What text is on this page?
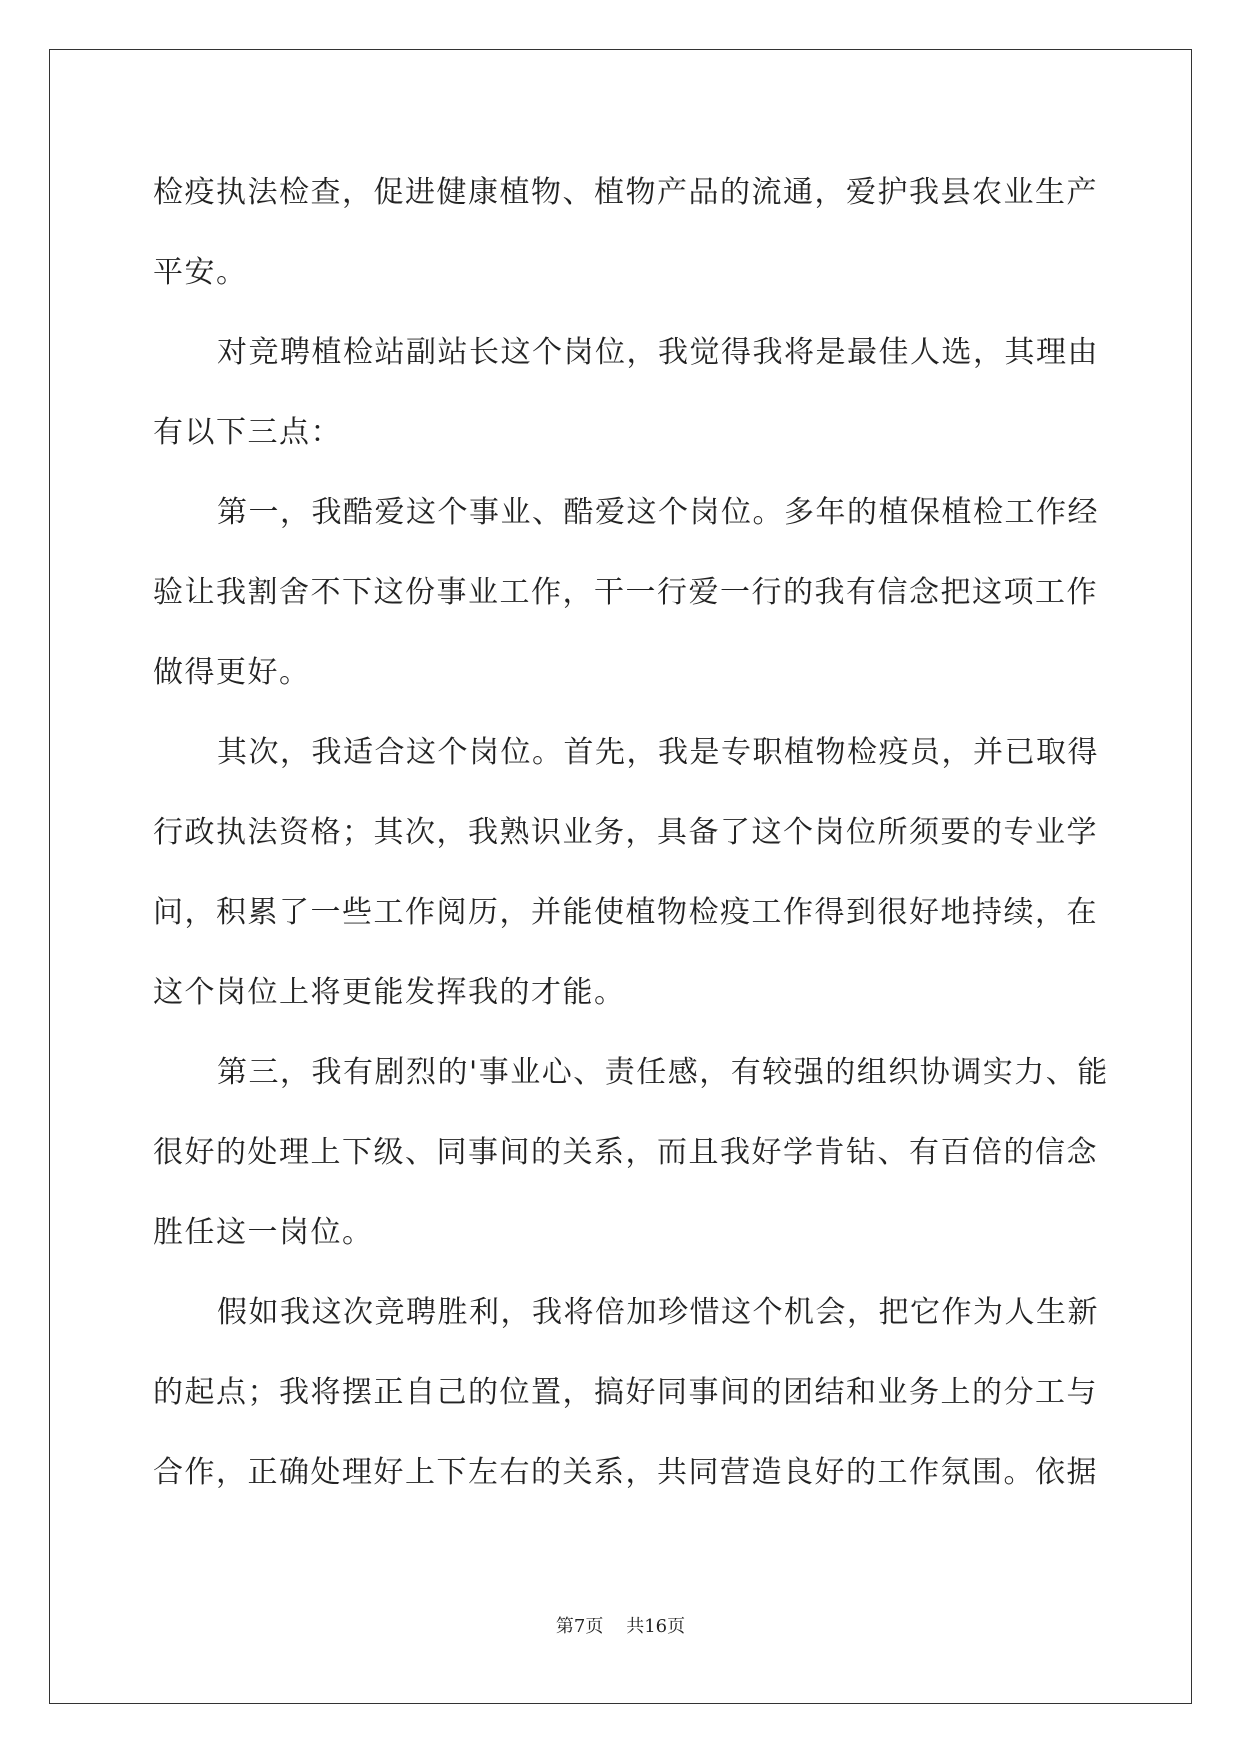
检疫执法检查，促进健康植物、植物产品的流通，爱护我县农业生产
平安。
对竞聘植检站副站长这个岗位，我觉得我将是最佳人选，其理由
有以下三点：
第一，我酷爱这个事业、酷爱这个岗位。多年的植保植检工作经
验让我割舍不下这份事业工作，干一行爱一行的我有信念把这项工作
做得更好。
其次，我适合这个岗位。首先，我是专职植物检疫员，并已取得
行政执法资格；其次，我熟识业务，具备了这个岗位所须要的专业学
问，积累了一些工作阅历，并能使植物检疫工作得到很好地持续，在
这个岗位上将更能发挥我的才能。
第三，我有剧烈的'事业心、责任感，有较强的组织协调实力、能
很好的处理上下级、同事间的关系，而且我好学肯钻、有百倍的信念
胜任这一岗位。
假如我这次竞聘胜利，我将倍加珍惜这个机会，把它作为人生新
的起点；我将摆正自己的位置，搞好同事间的团结和业务上的分工与
合作，正确处理好上下左右的关系，共同营造良好的工作氛围。依据
第7页 共16页
